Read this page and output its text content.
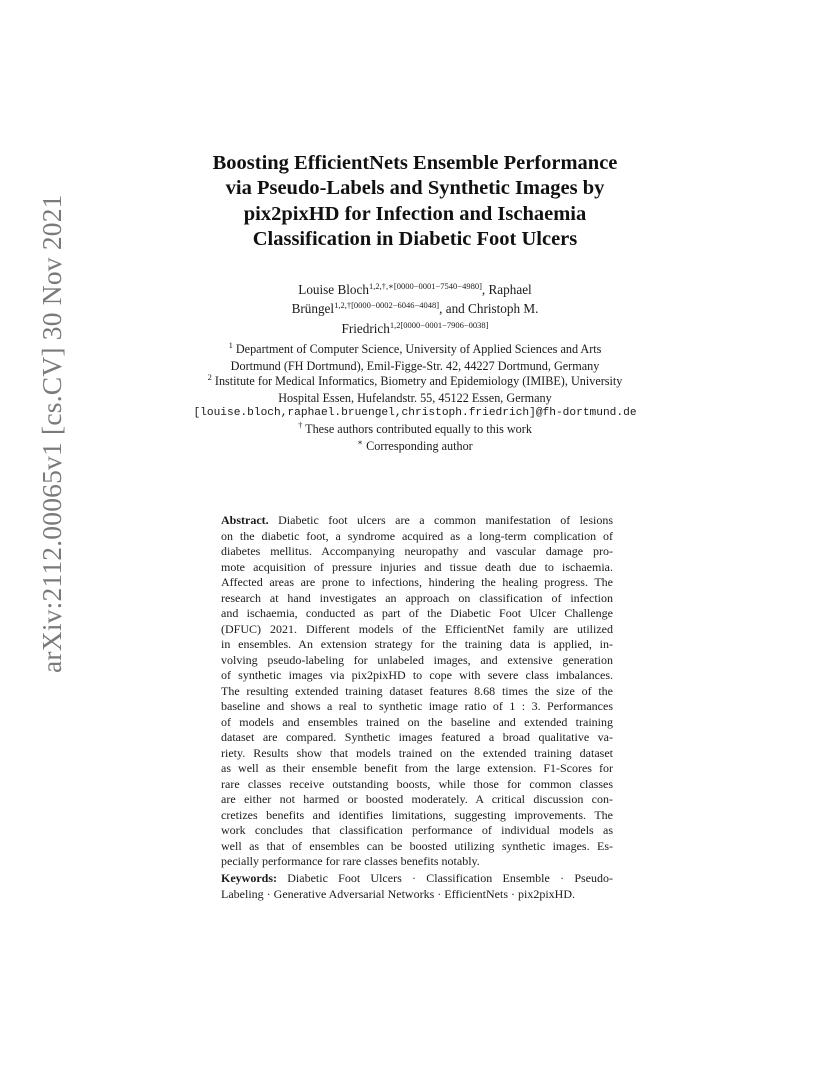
arXiv:2112.00065v1 [cs.CV] 30 Nov 2021
Boosting EfficientNets Ensemble Performance
via Pseudo-Labels and Synthetic Images by
pix2pixHD for Infection and Ischaemia
Classification in Diabetic Foot Ulcers
Louise Bloch$^{1,2,\dagger,∗[0000-0001-7540-4980]}$, Raphael
Brüngel$^{1,2,\dagger[0000-0002-6046-4048]}$, and Christoph M.
Friedrich$^{1,2[0000-0001-7906-0038]}$
$^1$ Department of Computer Science, University of Applied Sciences and Arts
Dortmund (FH Dortmund), Emil-Figge-Str. 42, 44227 Dortmund, Germany
$^2$ Institute for Medical Informatics, Biometry and Epidemiology (IMIBE), University
Hospital Essen, Hufelandstr. 55, 45122 Essen, Germany
[louise.bloch,raphael.bruengel,christoph.friedrich]@fh-dortmund.de
† These authors contributed equally to this work
∗ Corresponding author
Abstract. Diabetic foot ulcers are a common manifestation of lesions
on the diabetic foot, a syndrome acquired as a long-term complication of
diabetes mellitus. Accompanying neuropathy and vascular damage pro-
mote acquisition of pressure injuries and tissue death due to ischaemia.
Affected areas are prone to infections, hindering the healing progress. The
research at hand investigates an approach on classification of infection
and ischaemia, conducted as part of the Diabetic Foot Ulcer Challenge
(DFUC) 2021. Different models of the EfficientNet family are utilized
in ensembles. An extension strategy for the training data is applied, in-
volving pseudo-labeling for unlabeled images, and extensive generation
of synthetic images via pix2pixHD to cope with severe class imbalances.
The resulting extended training dataset features 8.68 times the size of the
baseline and shows a real to synthetic image ratio of 1 : 3. Performances
of models and ensembles trained on the baseline and extended training
dataset are compared. Synthetic images featured a broad qualitative va-
riety. Results show that models trained on the extended training dataset
as well as their ensemble benefit from the large extension. F1-Scores for
rare classes receive outstanding boosts, while those for common classes
are either not harmed or boosted moderately. A critical discussion con-
cretizes benefits and identifies limitations, suggesting improvements. The
work concludes that classification performance of individual models as
well as that of ensembles can be boosted utilizing synthetic images. Es-
pecially performance for rare classes benefits notably.
Keywords: Diabetic Foot Ulcers · Classification Ensemble · Pseudo-
Labeling · Generative Adversarial Networks · EfficientNets · pix2pixHD.
